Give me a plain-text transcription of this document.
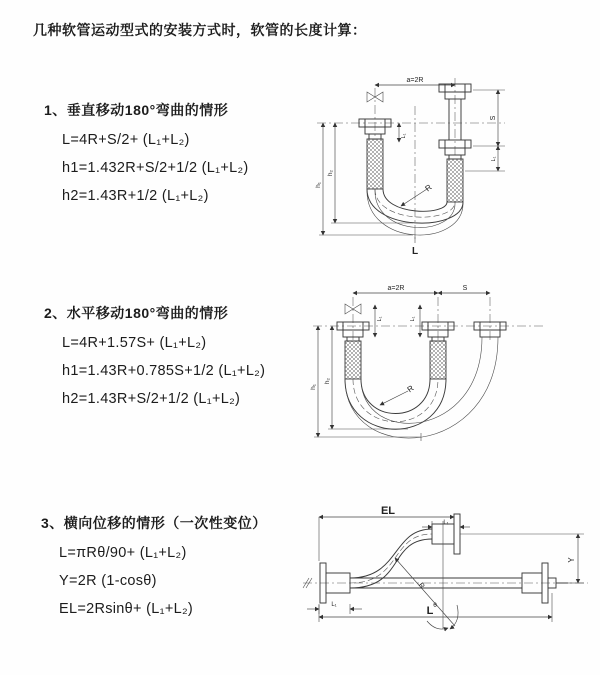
几种软管运动型式的安装方式时，软管的长度计算：
1、垂直移动180°弯曲的情形
L=4R+S/2+ (L₁+L₂)
h1=1.432R+S/2+1/2 (L₁+L₂)
h2=1.43R+1/2 (L₁+L₂)
2、水平移动180°弯曲的情形
L=4R+1.57S+ (L₁+L₂)
h1=1.43R+0.785S+1/2 (L₁+L₂)
h2=1.43R+S/2+1/2 (L₁+L₂)
3、横向位移的情形（一次性变位）
L=πRθ/90+ (L₁+L₂)
Y=2R (1-cosθ)
EL=2Rsinθ+ (L₁+L₂)
a=2R
h₁
h₂
L₁
S
L₁
R
L
a=2R	S
h₁
h₂
L₁	L₁
R
EL
L₁
R
θ
Y
L₁	L
